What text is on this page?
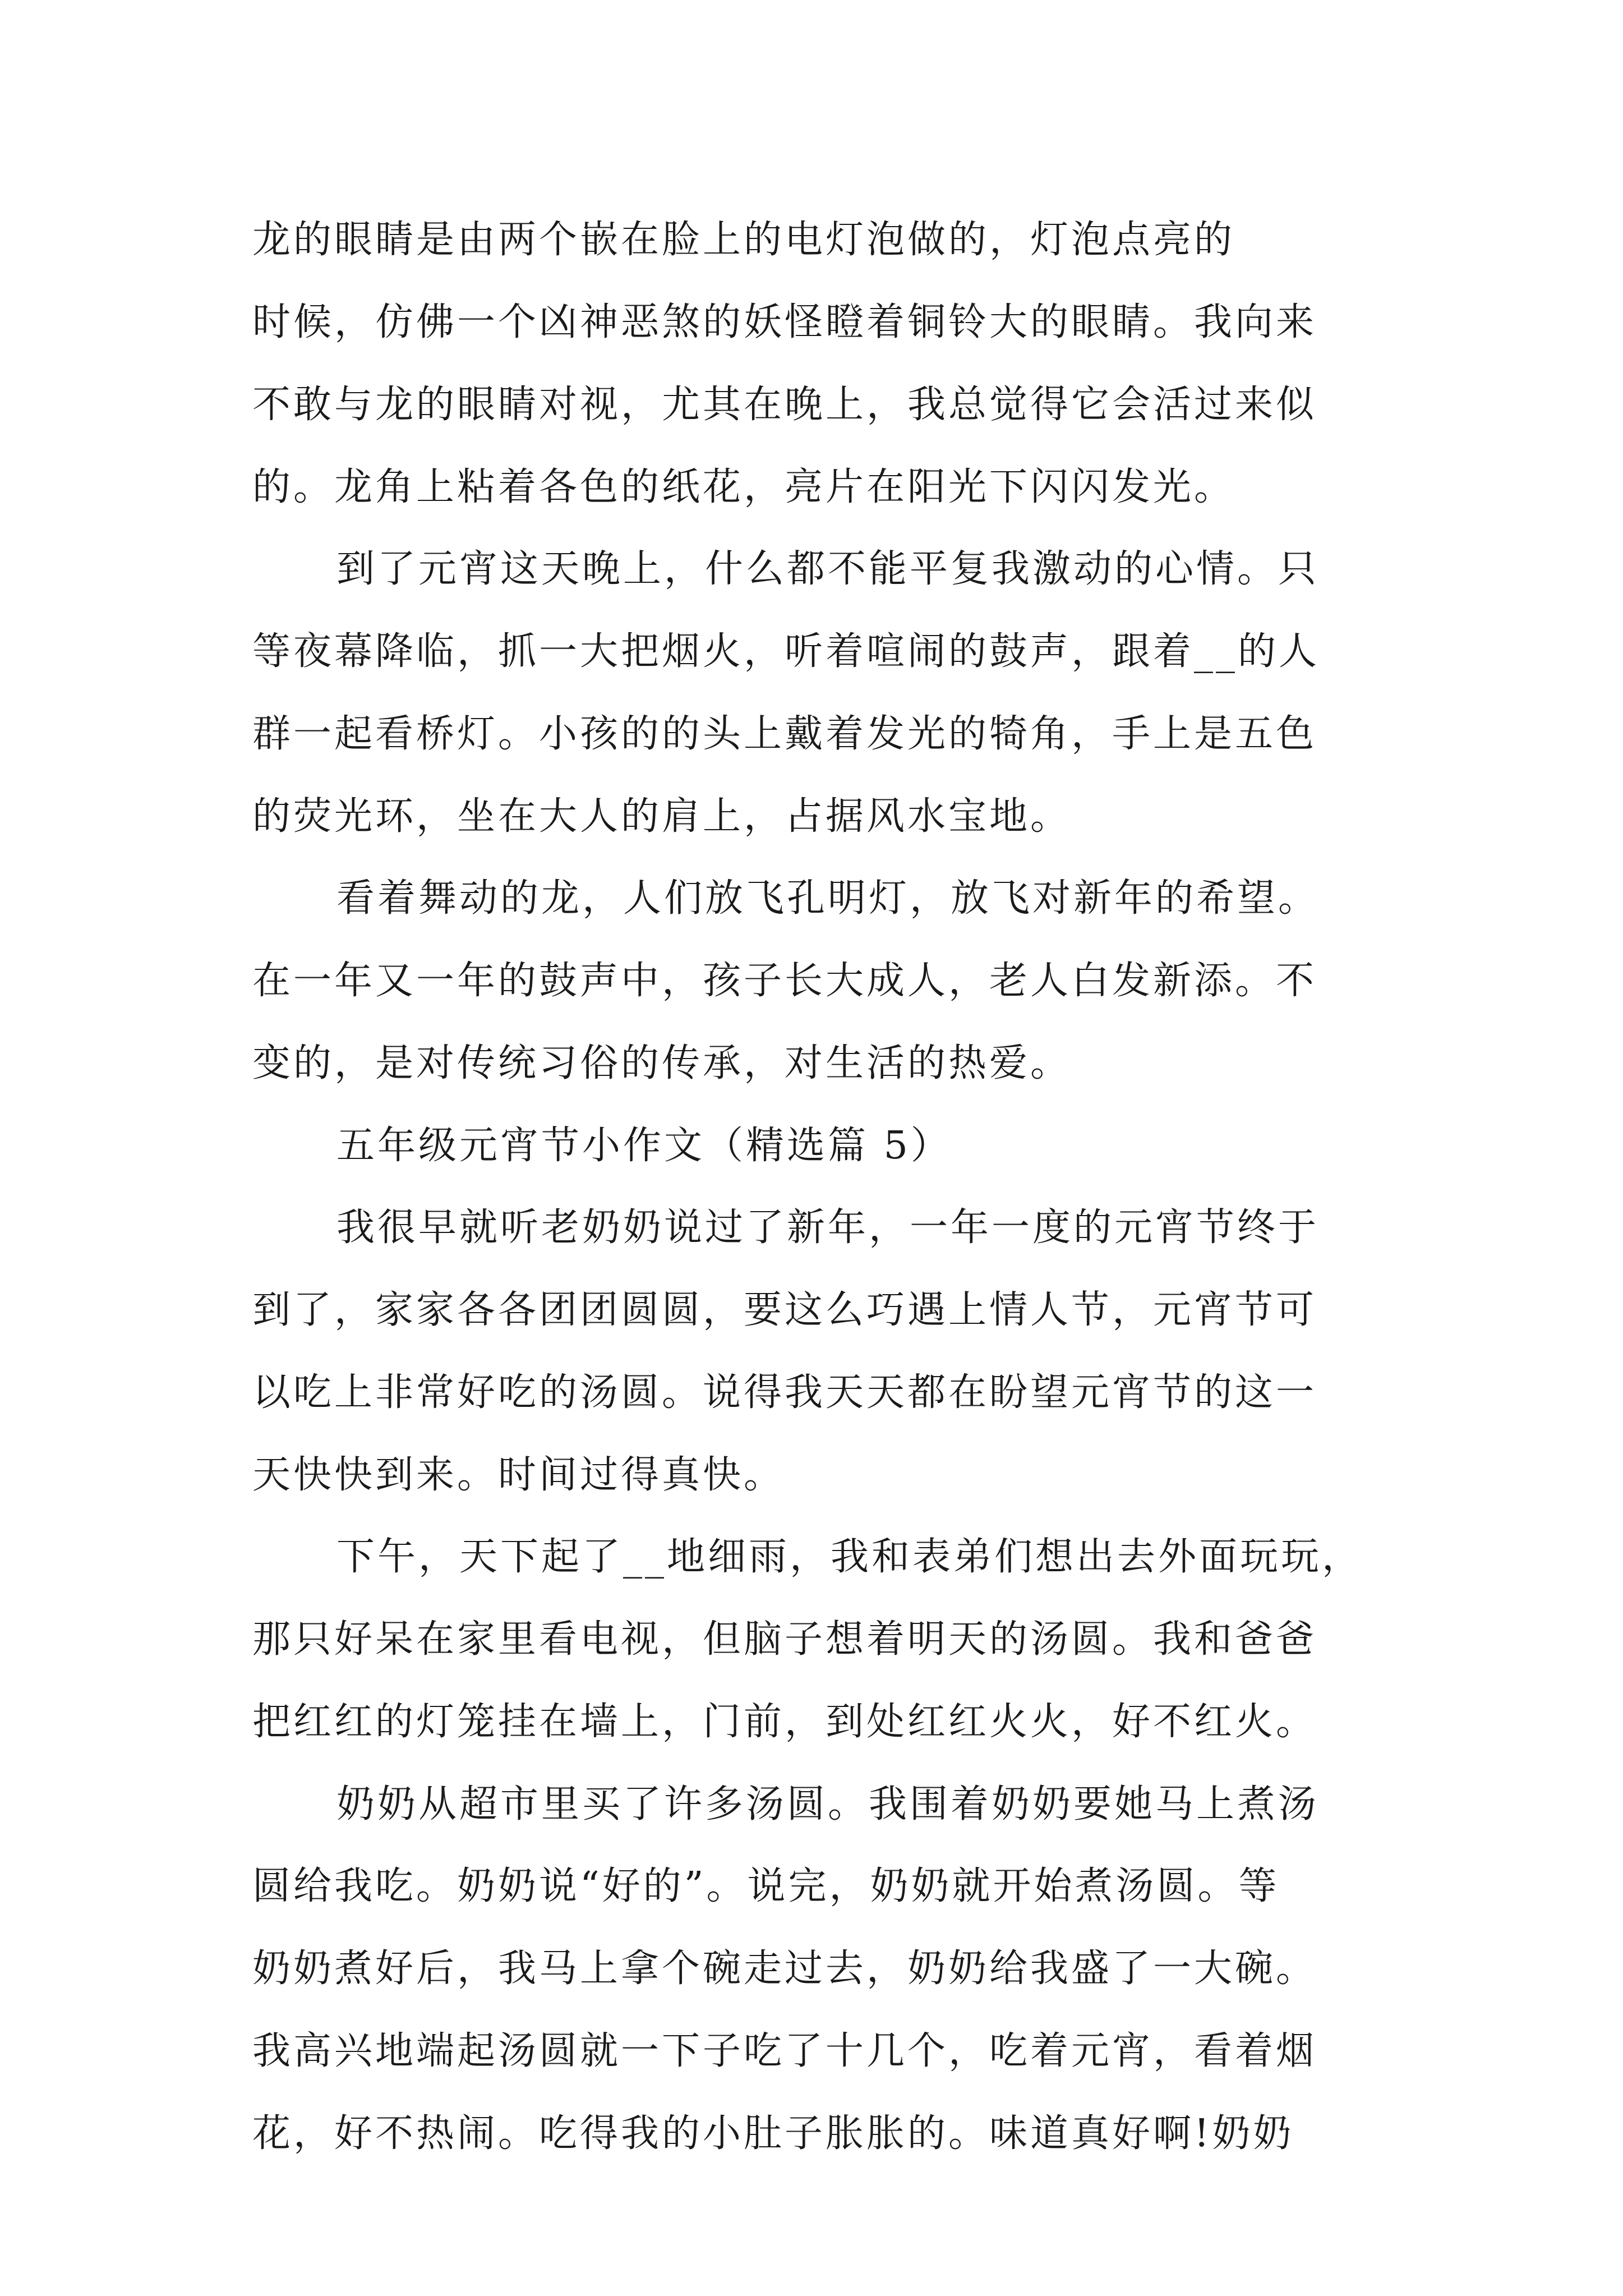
龙的眼睛是由两个嵌在脸上的电灯泡做的，灯泡点亮的
时候，仿佛一个凶神恶煞的妖怪瞪着铜铃大的眼睛。我向来
不敢与龙的眼睛对视，尤其在晚上，我总觉得它会活过来似
的。龙角上粘着各色的纸花，亮片在阳光下闪闪发光。
到了元宵这天晚上，什么都不能平复我激动的心情。只
等夜幕降临，抓一大把烟火，听着喧闹的鼓声，跟着__的人
群一起看桥灯。小孩的的头上戴着发光的犄角，手上是五色
的荧光环，坐在大人的肩上，占据风水宝地。
看着舞动的龙，人们放飞孔明灯，放飞对新年的希望。
在一年又一年的鼓声中，孩子长大成人，老人白发新添。不
变的，是对传统习俗的传承，对生活的热爱。
五年级元宵节小作文（精选篇 5）
我很早就听老奶奶说过了新年，一年一度的元宵节终于
到了，家家各各团团圆圆，要这么巧遇上情人节，元宵节可
以吃上非常好吃的汤圆。说得我天天都在盼望元宵节的这一
天快快到来。时间过得真快。
下午，天下起了__地细雨，我和表弟们想出去外面玩玩，
那只好呆在家里看电视，但脑子想着明天的汤圆。我和爸爸
把红红的灯笼挂在墙上，门前，到处红红火火，好不红火。
奶奶从超市里买了许多汤圆。我围着奶奶要她马上煮汤
圆给我吃。奶奶说“好的”。说完，奶奶就开始煮汤圆。等
奶奶煮好后，我马上拿个碗走过去，奶奶给我盛了一大碗。
我高兴地端起汤圆就一下子吃了十几个，吃着元宵，看着烟
花，好不热闹。吃得我的小肚子胀胀的。味道真好啊!奶奶
